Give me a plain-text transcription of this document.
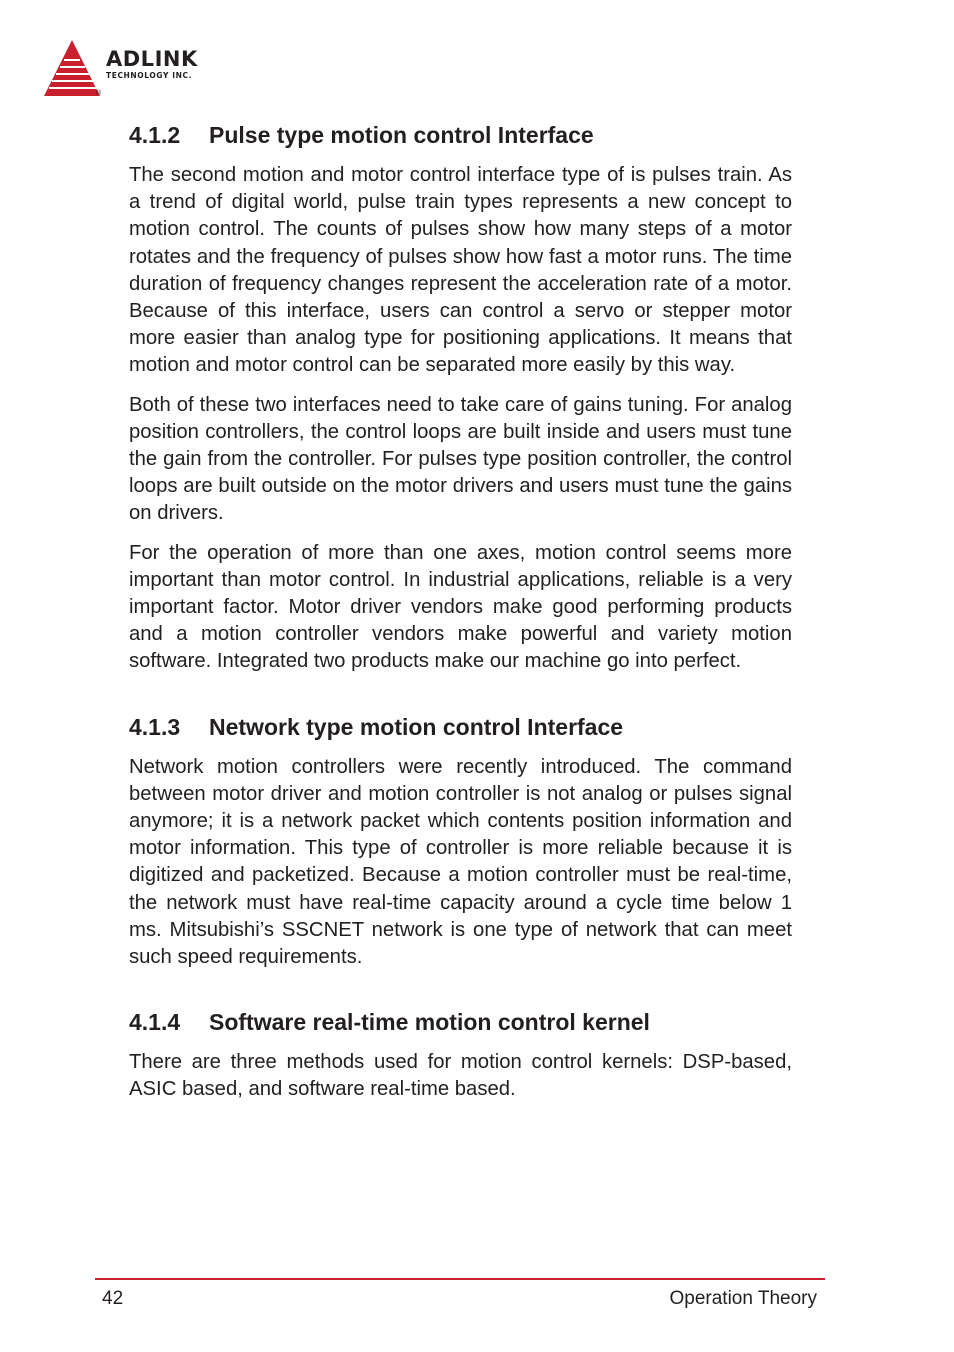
ADLINK
TECHNOLOGY INC.
®
4.1.2 Pulse type motion control Interface

The second motion and motor control interface type of is pulses train. As a trend of digital world, pulse train types represents a new concept to motion control. The counts of pulses show how many steps of a motor rotates and the frequency of pulses show how fast a motor runs. The time duration of frequency changes represent the acceleration rate of a motor. Because of this interface, users can control a servo or stepper motor more easier than analog type for positioning applications. It means that motion and motor control can be separated more easily by this way.

Both of these two interfaces need to take care of gains tuning. For analog position controllers, the control loops are built inside and users must tune the gain from the controller. For pulses type position controller, the control loops are built outside on the motor drivers and users must tune the gains on drivers.

For the operation of more than one axes, motion control seems more important than motor control. In industrial applications, reliable is a very important factor. Motor driver vendors make good performing products and a motion controller vendors make powerful and variety motion software. Integrated two products make our machine go into perfect.

4.1.3 Network type motion control Interface

Network motion controllers were recently introduced. The command between motor driver and motion controller is not analog or pulses signal anymore; it is a network packet which contents position information and motor information. This type of controller is more reliable because it is digitized and packetized. Because a motion controller must be real-time, the network must have real-time capacity around a cycle time below 1 ms. Mitsubishi’s SSCNET network is one type of network that can meet such speed requirements.

4.1.4 Software real-time motion control kernel

There are three methods used for motion control kernels: DSP-based, ASIC based, and software real-time based.

42	Operation Theory
